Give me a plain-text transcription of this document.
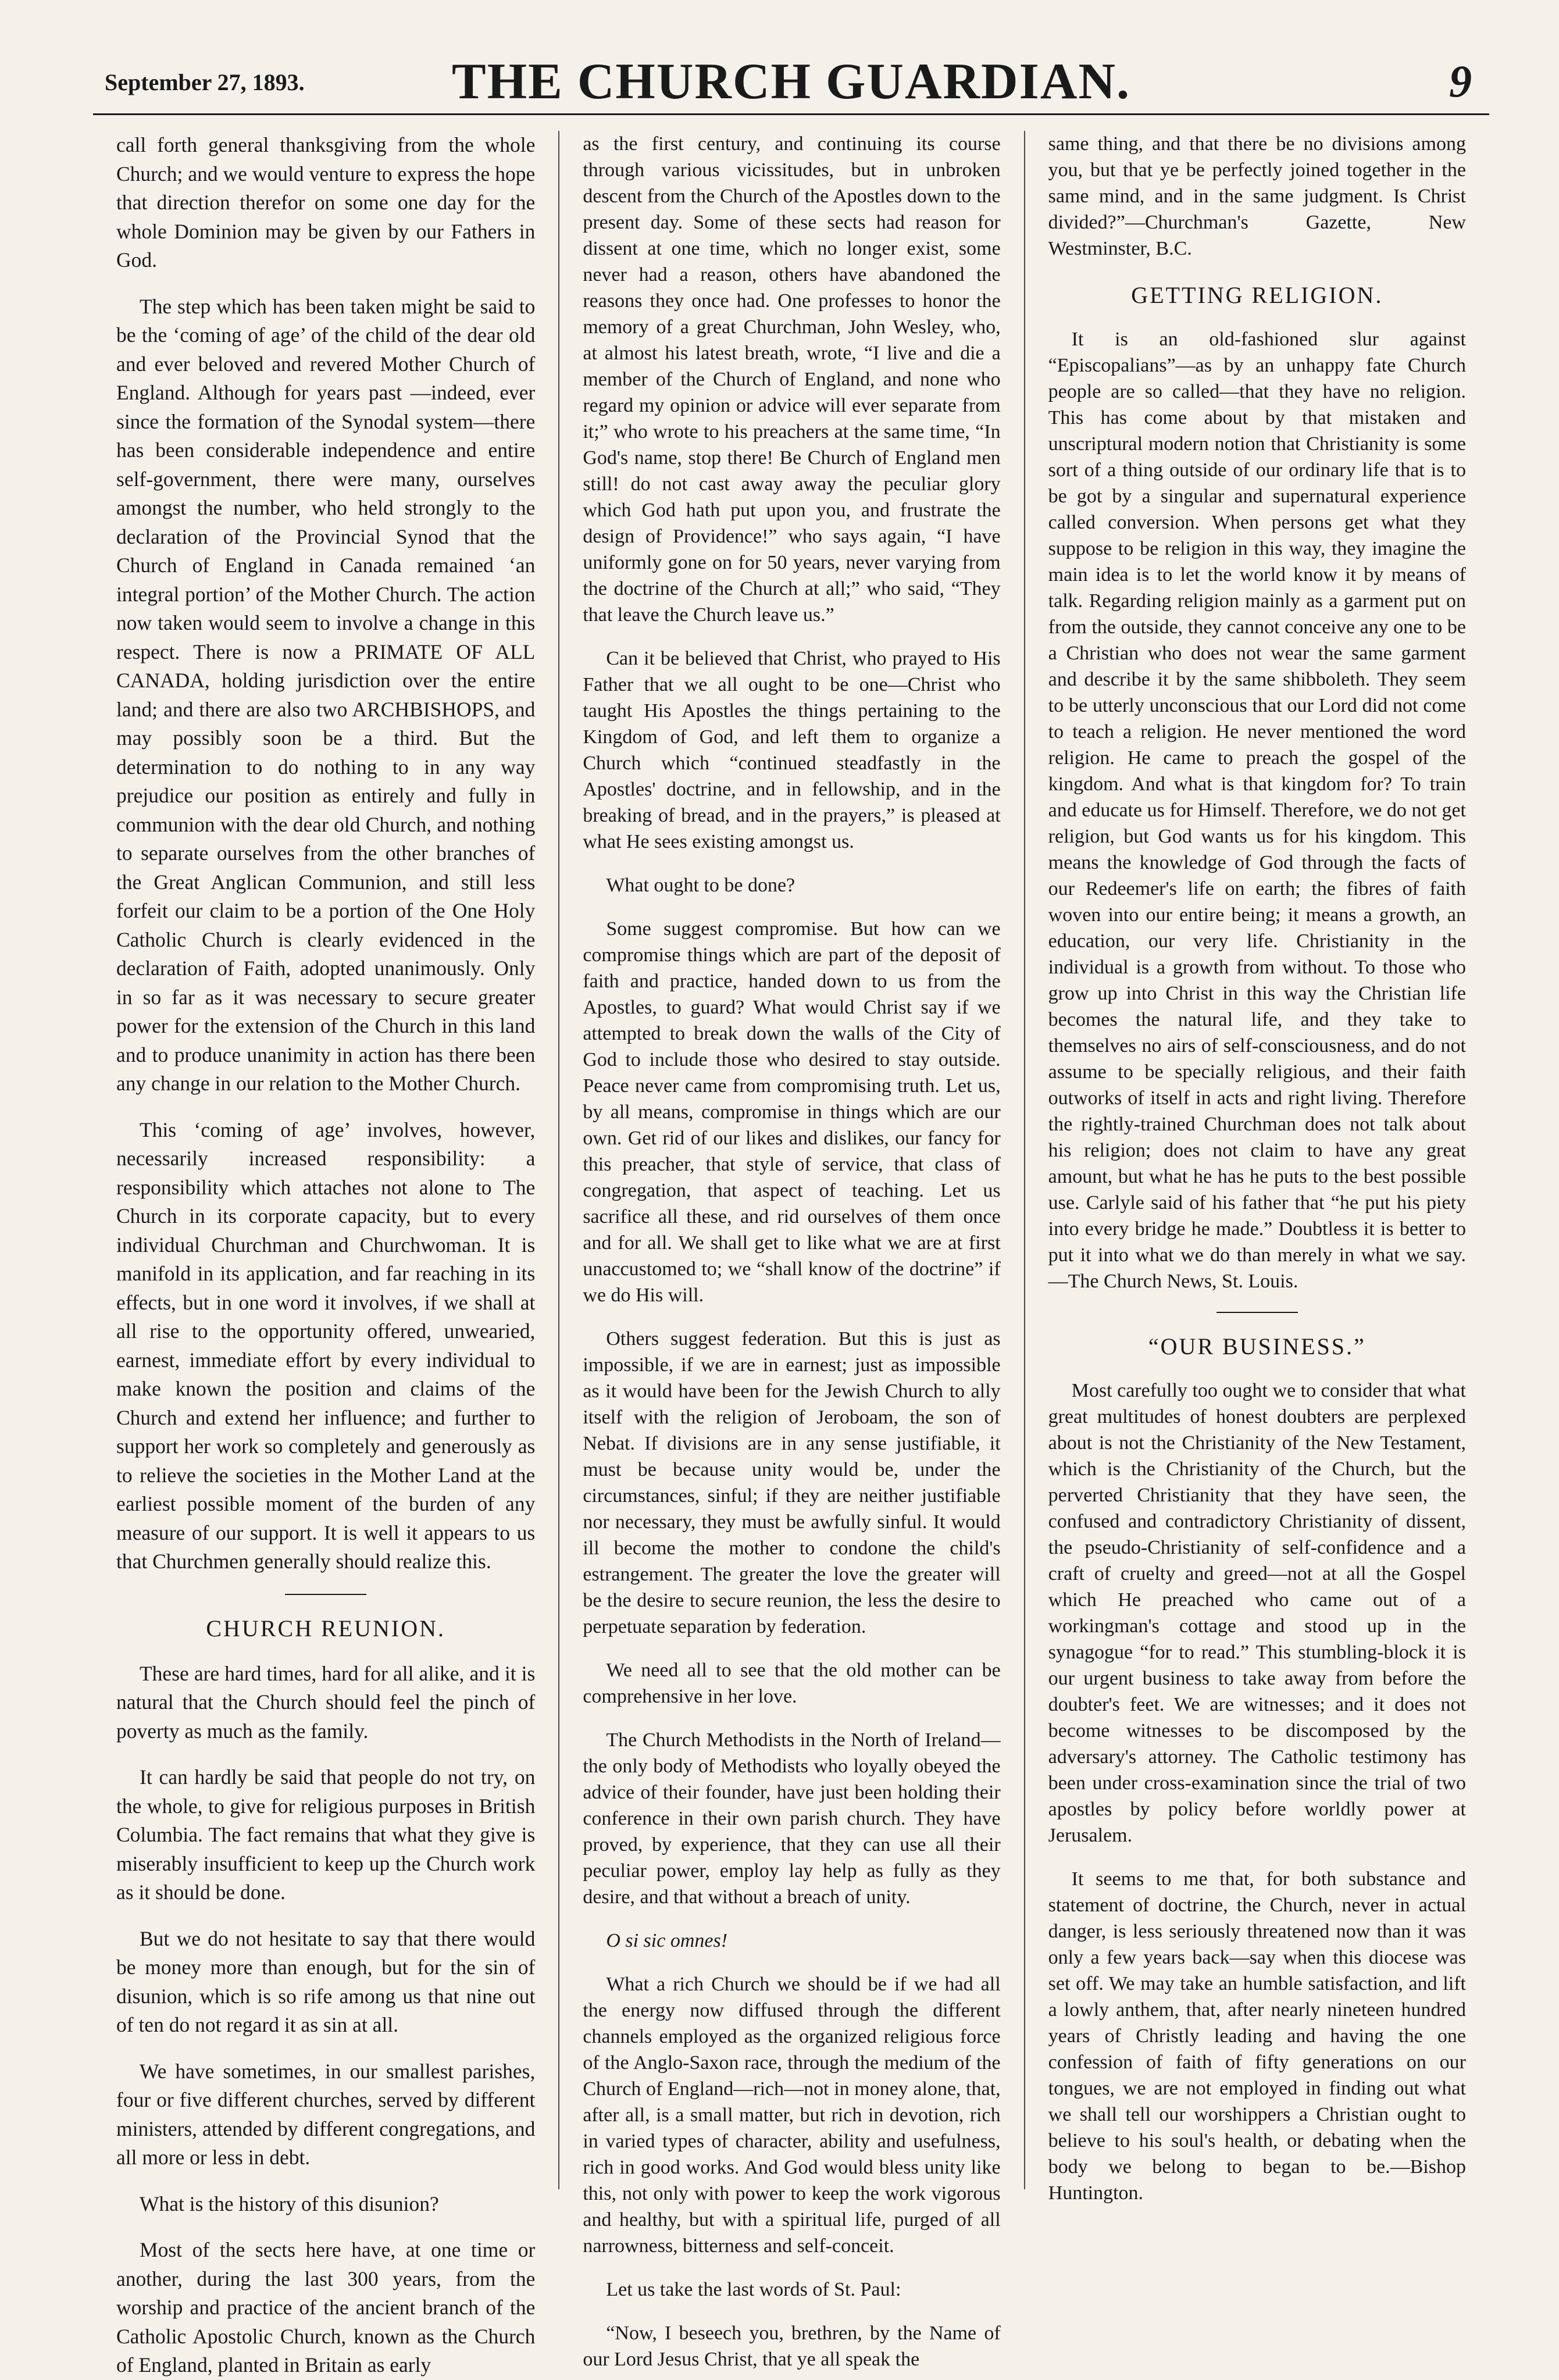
September 27, 1893.	THE CHURCH GUARDIAN.	9

call forth general thanksgiving from the whole Church; and we would venture to express the hope that direction therefor on some one day for the whole Dominion may be given by our Fathers in God.

The step which has been taken might be said to be the ‘coming of age’ of the child of the dear old and ever beloved and revered Mother Church of England. Although for years past —indeed, ever since the formation of the Synodal system—there has been considerable independence and entire self-government, there were many, ourselves amongst the number, who held strongly to the declaration of the Provincial Synod that the Church of England in Canada remained ‘an integral portion’ of the Mother Church. The action now taken would seem to involve a change in this respect. There is now a PRIMATE OF ALL CANADA, holding jurisdiction over the entire land; and there are also two ARCHBISHOPS, and may possibly soon be a third. But the determination to do nothing to in any way prejudice our position as entirely and fully in communion with the dear old Church, and nothing to separate ourselves from the other branches of the Great Anglican Communion, and still less forfeit our claim to be a portion of the One Holy Catholic Church is clearly evidenced in the declaration of Faith, adopted unanimously. Only in so far as it was necessary to secure greater power for the extension of the Church in this land and to produce unanimity in action has there been any change in our relation to the Mother Church.

This ‘coming of age’ involves, however, necessarily increased responsibility: a responsibility which attaches not alone to The Church in its corporate capacity, but to every individual Churchman and Churchwoman. It is manifold in its application, and far reaching in its effects, but in one word it involves, if we shall at all rise to the opportunity offered, unwearied, earnest, immediate effort by every individual to make known the position and claims of the Church and extend her influence; and further to support her work so completely and generously as to relieve the societies in the Mother Land at the earliest possible moment of the burden of any measure of our support. It is well it appears to us that Churchmen generally should realize this.

CHURCH REUNION.

These are hard times, hard for all alike, and it is natural that the Church should feel the pinch of poverty as much as the family.

It can hardly be said that people do not try, on the whole, to give for religious purposes in British Columbia. The fact remains that what they give is miserably insufficient to keep up the Church work as it should be done.

But we do not hesitate to say that there would be money more than enough, but for the sin of disunion, which is so rife among us that nine out of ten do not regard it as sin at all.

We have sometimes, in our smallest parishes, four or five different churches, served by different ministers, attended by different congregations, and all more or less in debt.

What is the history of this disunion?

Most of the sects here have, at one time or another, during the last 300 years, from the worship and practice of the ancient branch of the Catholic Apostolic Church, known as the Church of England, planted in Britain as early

as the first century, and continuing its course through various vicissitudes, but in unbroken descent from the Church of the Apostles down to the present day. Some of these sects had reason for dissent at one time, which no longer exist, some never had a reason, others have abandoned the reasons they once had. One professes to honor the memory of a great Churchman, John Wesley, who, at almost his latest breath, wrote, “I live and die a member of the Church of England, and none who regard my opinion or advice will ever separate from it;” who wrote to his preachers at the same time, “In God's name, stop there! Be Church of England men still! do not cast away away the peculiar glory which God hath put upon you, and frustrate the design of Providence!” who says again, “I have uniformly gone on for 50 years, never varying from the doctrine of the Church at all;” who said, “They that leave the Church leave us.”

Can it be believed that Christ, who prayed to His Father that we all ought to be one—Christ who taught His Apostles the things pertaining to the Kingdom of God, and left them to organize a Church which “continued steadfastly in the Apostles' doctrine, and in fellowship, and in the breaking of bread, and in the prayers,” is pleased at what He sees existing amongst us.

What ought to be done?

Some suggest compromise. But how can we compromise things which are part of the deposit of faith and practice, handed down to us from the Apostles, to guard? What would Christ say if we attempted to break down the walls of the City of God to include those who desired to stay outside. Peace never came from compromising truth. Let us, by all means, compromise in things which are our own. Get rid of our likes and dislikes, our fancy for this preacher, that style of service, that class of congregation, that aspect of teaching. Let us sacrifice all these, and rid ourselves of them once and for all. We shall get to like what we are at first unaccustomed to; we “shall know of the doctrine” if we do His will.

Others suggest federation. But this is just as impossible, if we are in earnest; just as impossible as it would have been for the Jewish Church to ally itself with the religion of Jeroboam, the son of Nebat. If divisions are in any sense justifiable, it must be because unity would be, under the circumstances, sinful; if they are neither justifiable nor necessary, they must be awfully sinful. It would ill become the mother to condone the child's estrangement. The greater the love the greater will be the desire to secure reunion, the less the desire to perpetuate separation by federation.

We need all to see that the old mother can be comprehensive in her love.

The Church Methodists in the North of Ireland—the only body of Methodists who loyally obeyed the advice of their founder, have just been holding their conference in their own parish church. They have proved, by experience, that they can use all their peculiar power, employ lay help as fully as they desire, and that without a breach of unity.

O si sic omnes!

What a rich Church we should be if we had all the energy now diffused through the different channels employed as the organized religious force of the Anglo-Saxon race, through the medium of the Church of England—rich—not in money alone, that, after all, is a small matter, but rich in devotion, rich in varied types of character, ability and usefulness, rich in good works. And God would bless unity like this, not only with power to keep the work vigorous and healthy, but with a spiritual life, purged of all narrowness, bitterness and self-conceit.

Let us take the last words of St. Paul:

“Now, I beseech you, brethren, by the Name of our Lord Jesus Christ, that ye all speak the

same thing, and that there be no divisions among you, but that ye be perfectly joined together in the same mind, and in the same judgment. Is Christ divided?”—Churchman's Gazette, New Westminster, B.C.

GETTING RELIGION.

It is an old-fashioned slur against “Episcopalians”—as by an unhappy fate Church people are so called—that they have no religion. This has come about by that mistaken and unscriptural modern notion that Christianity is some sort of a thing outside of our ordinary life that is to be got by a singular and supernatural experience called conversion. When persons get what they suppose to be religion in this way, they imagine the main idea is to let the world know it by means of talk. Regarding religion mainly as a garment put on from the outside, they cannot conceive any one to be a Christian who does not wear the same garment and describe it by the same shibboleth. They seem to be utterly unconscious that our Lord did not come to teach a religion. He never mentioned the word religion. He came to preach the gospel of the kingdom. And what is that kingdom for? To train and educate us for Himself. Therefore, we do not get religion, but God wants us for his kingdom. This means the knowledge of God through the facts of our Redeemer's life on earth; the fibres of faith woven into our entire being; it means a growth, an education, our very life. Christianity in the individual is a growth from without. To those who grow up into Christ in this way the Christian life becomes the natural life, and they take to themselves no airs of self-consciousness, and do not assume to be specially religious, and their faith outworks of itself in acts and right living. Therefore the rightly-trained Churchman does not talk about his religion; does not claim to have any great amount, but what he has he puts to the best possible use. Carlyle said of his father that “he put his piety into every bridge he made.” Doubtless it is better to put it into what we do than merely in what we say.—The Church News, St. Louis.

“OUR BUSINESS.”

Most carefully too ought we to consider that what great multitudes of honest doubters are perplexed about is not the Christianity of the New Testament, which is the Christianity of the Church, but the perverted Christianity that they have seen, the confused and contradictory Christianity of dissent, the pseudo-Christianity of self-confidence and a craft of cruelty and greed—not at all the Gospel which He preached who came out of a workingman's cottage and stood up in the synagogue “for to read.” This stumbling-block it is our urgent business to take away from before the doubter's feet. We are witnesses; and it does not become witnesses to be discomposed by the adversary's attorney. The Catholic testimony has been under cross-examination since the trial of two apostles by policy before worldly power at Jerusalem.

It seems to me that, for both substance and statement of doctrine, the Church, never in actual danger, is less seriously threatened now than it was only a few years back—say when this diocese was set off. We may take an humble satisfaction, and lift a lowly anthem, that, after nearly nineteen hundred years of Christly leading and having the one confession of faith of fifty generations on our tongues, we are not employed in finding out what we shall tell our worshippers a Christian ought to believe to his soul's health, or debating when the body we belong to began to be.—Bishop Huntington.
